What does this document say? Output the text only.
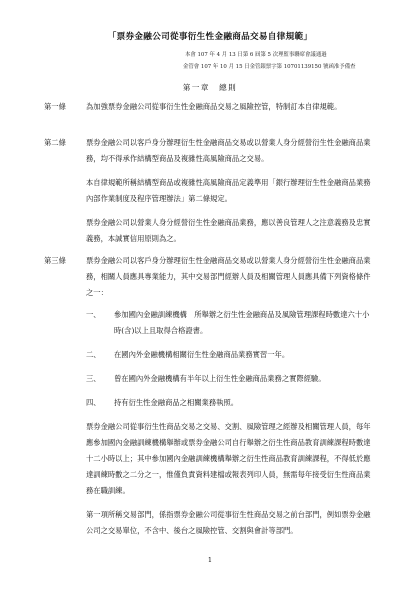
「票券金融公司從事衍生性金融商品交易自律規範」
本會 107 年 4 月 13 日第 6 屆第 5 次理監事聯席會議通過
金管會 107 年 10 月 15 日金管銀票字第 10701139150 號函准予備查
第一章　總則
第一條	為加強票券金融公司從事衍生性金融商品交易之風險控管，特制訂本自律規範。

第二條	票券金融公司以客戶身分辦理衍生性金融商品交易或以營業人身分經營衍生性金融商品業務，均不得承作結構型商品及複雜性高風險商品之交易。

本自律規範所稱結構型商品或複雜性高風險商品定義準用「銀行辦理衍生性金融商品業務內部作業制度及程序管理辦法」第二條規定。

票券金融公司以營業人身分經營衍生性金融商品業務，應以善良管理人之注意義務及忠實義務，本誠實信用原則為之。

第三條	票券金融公司以客戶身分辦理衍生性金融商品交易或以營業人身分經營衍生性金融商品業務，相關人員應具專業能力，其中交易部門經辦人員及相關管理人員應具備下列資格條件之一：

一、 參加國內金融訓練機構　所舉辦之衍生性金融商品及風險管理課程時數達六十小時(含)以上且取得合格證書。
二、 在國內外金融機構相關衍生性金融商品業務實習一年。
三、 曾在國內外金融機構有半年以上衍生性金融商品業務之實際經驗。
四、 持有衍生性金融商品之相關業務執照。

票券金融公司從事衍生性商品交易之交易、交割、風險管理之經辦及相關管理人員，每年應參加國內金融訓練機構舉辦或票券金融公司自行舉辦之衍生性商品教育訓練課程時數達十二小時以上；其中參加國內金融訓練機構舉辦之衍生性商品教育訓練課程，不得低於應達訓練時數之二分之一，惟僅負責資料建檔或報表列印人員，無需每年接受衍生性商品業務在職訓練。

第一項所稱交易部門，係指票券金融公司從事衍生性商品交易之前台部門，例如票券金融公司之交易單位，不含中、後台之風險控管、交割與會計等部門。

1
